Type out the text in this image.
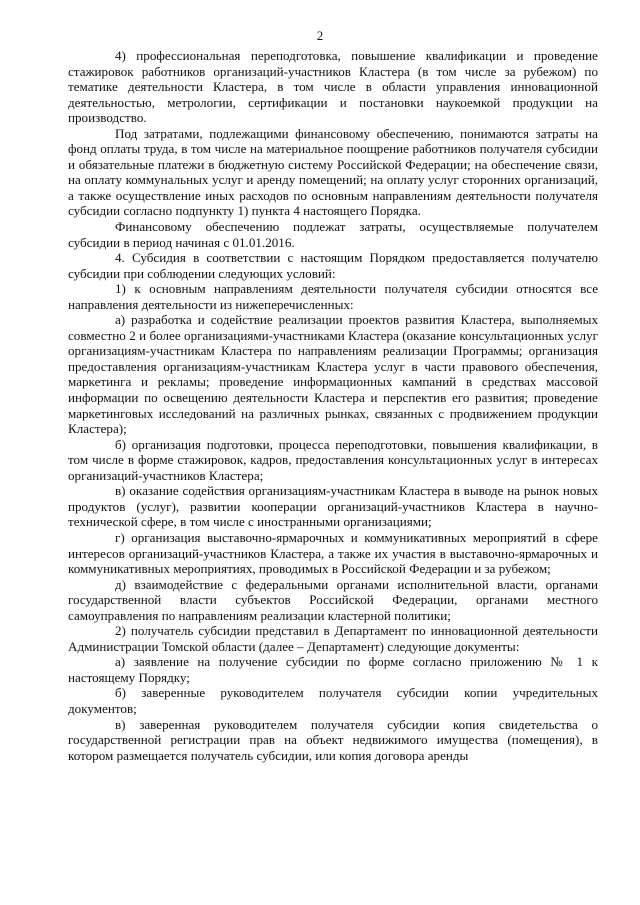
2

4) профессиональная переподготовка, повышение квалификации и проведение стажировок работников организаций-участников Кластера (в том числе за рубежом) по тематике деятельности Кластера, в том числе в области управления инновационной деятельностью, метрологии, сертификации и постановки наукоемкой продукции на производство.

Под затратами, подлежащими финансовому обеспечению, понимаются затраты на фонд оплаты труда, в том числе на материальное поощрение работников получателя субсидии и обязательные платежи в бюджетную систему Российской Федерации; на обеспечение связи, на оплату коммунальных услуг и аренду помещений; на оплату услуг сторонних организаций, а также осуществление иных расходов по основным направлениям деятельности получателя субсидии согласно подпункту 1) пункта 4 настоящего Порядка.

Финансовому обеспечению подлежат затраты, осуществляемые получателем субсидии в период начиная с 01.01.2016.

4. Субсидия в соответствии с настоящим Порядком предоставляется получателю субсидии при соблюдении следующих условий:

1) к основным направлениям деятельности получателя субсидии относятся все направления деятельности из нижеперечисленных:

а) разработка и содействие реализации проектов развития Кластера, выполняемых совместно 2 и более организациями-участниками Кластера (оказание консультационных услуг организациям-участникам Кластера по направлениям реализации Программы; организация предоставления организациям-участникам Кластера услуг в части правового обеспечения, маркетинга и рекламы; проведение информационных кампаний в средствах массовой информации по освещению деятельности Кластера и перспектив его развития; проведение маркетинговых исследований на различных рынках, связанных с продвижением продукции Кластера);

б) организация подготовки, процесса переподготовки, повышения квалификации, в том числе в форме стажировок, кадров, предоставления консультационных услуг в интересах организаций-участников Кластера;

в) оказание содействия организациям-участникам Кластера в выводе на рынок новых продуктов (услуг), развитии кооперации организаций-участников Кластера в научно-технической сфере, в том числе с иностранными организациями;

г) организация выставочно-ярмарочных и коммуникативных мероприятий в сфере интересов организаций-участников Кластера, а также их участия в выставочно-ярмарочных и коммуникативных мероприятиях, проводимых в Российской Федерации и за рубежом;

д) взаимодействие с федеральными органами исполнительной власти, органами государственной власти субъектов Российской Федерации, органами местного самоуправления по направлениям реализации кластерной политики;

2) получатель субсидии представил в Департамент по инновационной деятельности Администрации Томской области (далее – Департамент) следующие документы:

а) заявление на получение субсидии по форме согласно приложению № 1 к настоящему Порядку;

б) заверенные руководителем получателя субсидии копии учредительных документов;

в) заверенная руководителем получателя субсидии копия свидетельства о государственной регистрации прав на объект недвижимого имущества (помещения), в котором размещается получатель субсидии, или копия договора аренды
